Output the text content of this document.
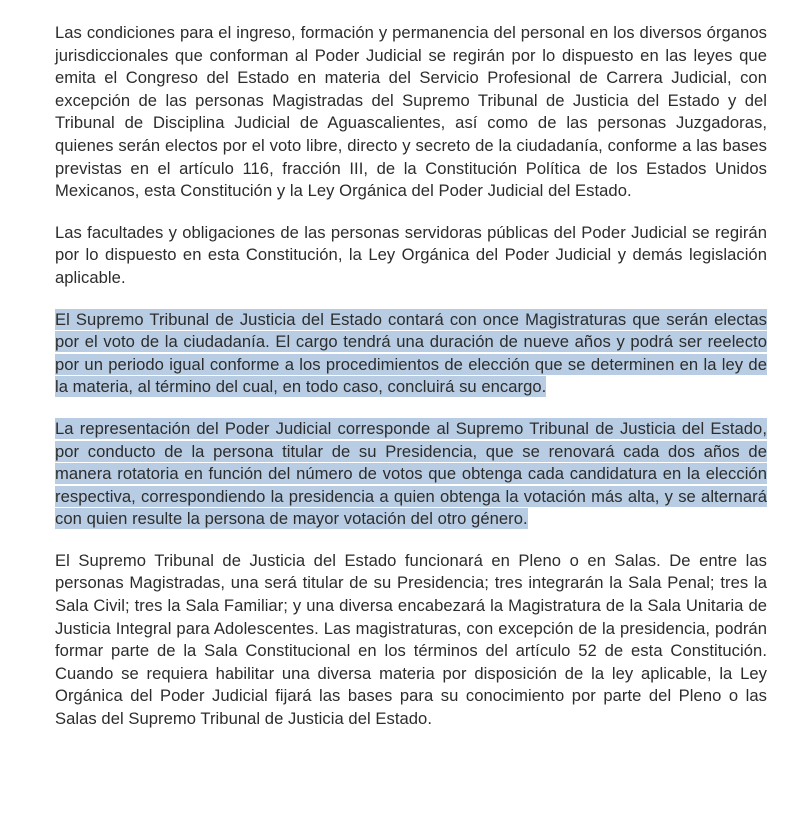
Las condiciones para el ingreso, formación y permanencia del personal en los diversos órganos jurisdiccionales que conforman al Poder Judicial se regirán por lo dispuesto en las leyes que emita el Congreso del Estado en materia del Servicio Profesional de Carrera Judicial, con excepción de las personas Magistradas del Supremo Tribunal de Justicia del Estado y del Tribunal de Disciplina Judicial de Aguascalientes, así como de las personas Juzgadoras, quienes serán electos por el voto libre, directo y secreto de la ciudadanía, conforme a las bases previstas en el artículo 116, fracción III, de la Constitución Política de los Estados Unidos Mexicanos, esta Constitución y la Ley Orgánica del Poder Judicial del Estado.

Las facultades y obligaciones de las personas servidoras públicas del Poder Judicial se regirán por lo dispuesto en esta Constitución, la Ley Orgánica del Poder Judicial y demás legislación aplicable.

El Supremo Tribunal de Justicia del Estado contará con once Magistraturas que serán electas por el voto de la ciudadanía. El cargo tendrá una duración de nueve años y podrá ser reelecto por un periodo igual conforme a los procedimientos de elección que se determinen en la ley de la materia, al término del cual, en todo caso, concluirá su encargo.

La representación del Poder Judicial corresponde al Supremo Tribunal de Justicia del Estado, por conducto de la persona titular de su Presidencia, que se renovará cada dos años de manera rotatoria en función del número de votos que obtenga cada candidatura en la elección respectiva, correspondiendo la presidencia a quien obtenga la votación más alta, y se alternará con quien resulte la persona de mayor votación del otro género.

El Supremo Tribunal de Justicia del Estado funcionará en Pleno o en Salas. De entre las personas Magistradas, una será titular de su Presidencia; tres integrarán la Sala Penal; tres la Sala Civil; tres la Sala Familiar; y una diversa encabezará la Magistratura de la Sala Unitaria de Justicia Integral para Adolescentes. Las magistraturas, con excepción de la presidencia, podrán formar parte de la Sala Constitucional en los términos del artículo 52 de esta Constitución. Cuando se requiera habilitar una diversa materia por disposición de la ley aplicable, la Ley Orgánica del Poder Judicial fijará las bases para su conocimiento por parte del Pleno o las Salas del Supremo Tribunal de Justicia del Estado.
